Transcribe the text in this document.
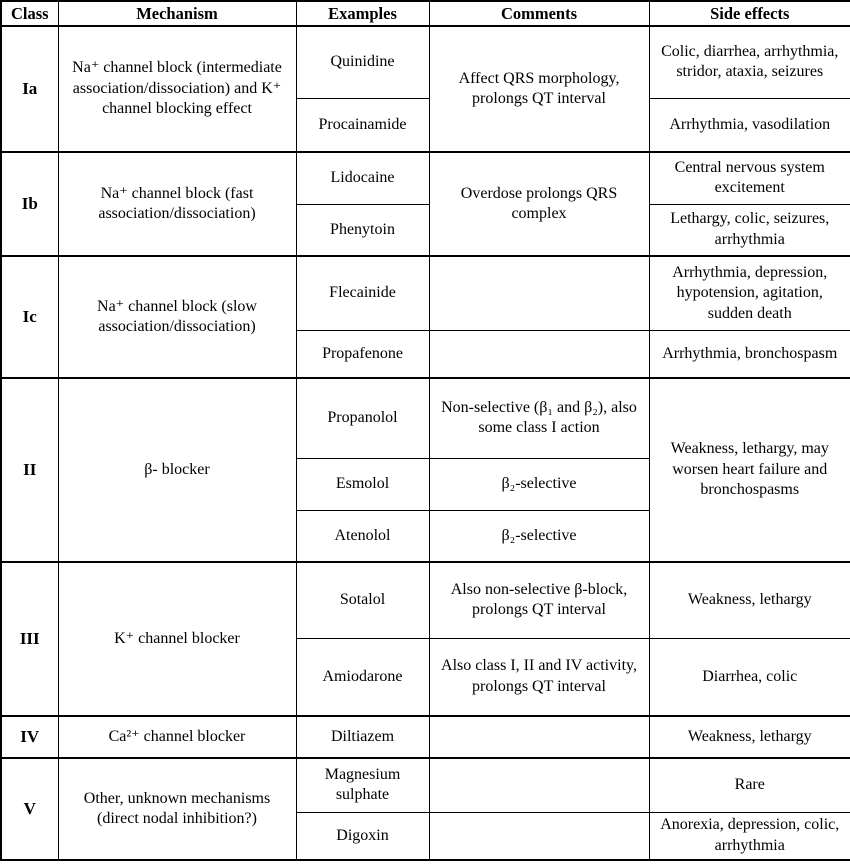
Class	Mechanism	Examples	Comments	Side effects
Ia	Na⁺ channel block (intermediate association/dissociation) and K⁺ channel blocking effect	Quinidine	Affect QRS morphology, prolongs QT interval	Colic, diarrhea, arrhythmia, stridor, ataxia, seizures
		Procainamide		Arrhythmia, vasodilation
Ib	Na⁺ channel block (fast association/dissociation)	Lidocaine	Overdose prolongs QRS complex	Central nervous system excitement
		Phenytoin		Lethargy, colic, seizures, arrhythmia
Ic	Na⁺ channel block (slow association/dissociation)	Flecainide		Arrhythmia, depression, hypotension, agitation, sudden death
		Propafenone		Arrhythmia, bronchospasm
II	β- blocker	Propanolol	Non-selective (β₁ and β₂), also some class I action	Weakness, lethargy, may worsen heart failure and bronchospasms
		Esmolol	β₂-selective	
		Atenolol	β₂-selective	
III	K⁺ channel blocker	Sotalol	Also non-selective β-block, prolongs QT interval	Weakness, lethargy
		Amiodarone	Also class I, II and IV activity, prolongs QT interval	Diarrhea, colic
IV	Ca²⁺ channel blocker	Diltiazem		Weakness, lethargy
V	Other, unknown mechanisms (direct nodal inhibition?)	Magnesium sulphate		Rare
		Digoxin		Anorexia, depression, colic, arrhythmia
